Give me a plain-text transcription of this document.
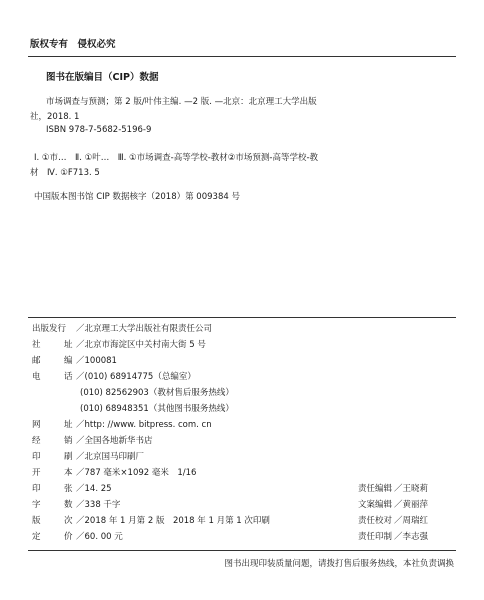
版权专有　侵权必究
图书在版编目（CIP）数据
市场调查与预测；第 2 版/叶伟主编. —2 版. —北京：北京理工大学出版
社，2018. 1
ISBN 978-7-5682-5196-9
Ⅰ. ①市…　Ⅱ. ①叶…　Ⅲ. ①市场调查-高等学校-教材②市场预测-高等学校-教
材　Ⅳ. ①F713. 5
中国版本图书馆 CIP 数据核字（2018）第 009384 号
出版发行 ／北京理工大学出版社有限责任公司
社	址 ／北京市海淀区中关村南大街 5 号
邮	编 ／100081
电	话 ／(010) 68914775（总编室）
(010) 82562903（教材售后服务热线）
(010) 68948351（其他图书服务热线）
网	址 ／http: //www. bitpress. com. cn
经	销 ／全国各地新华书店
印	刷 ／北京国马印刷厂
开	本 ／787 毫米×1092 毫米　1/16
印	张 ／14. 25
字	数 ／338 千字
版	次 ／2018 年 1 月第 2 版　2018 年 1 月第 1 次印刷
定	价 ／60. 00 元
责任编辑 ／王晓莉
文案编辑 ／黄丽萍
责任校对 ／周瑞红
责任印制 ／李志强
图书出现印装质量问题，请拨打售后服务热线，本社负责调换
